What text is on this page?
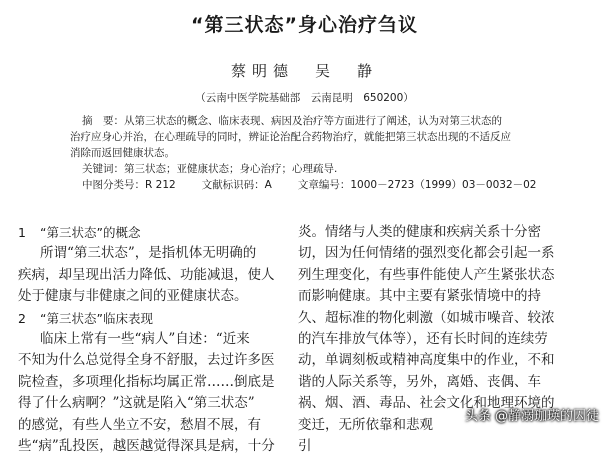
“第三状态”身心治疗刍议
蔡明德　吴　静
（云南中医学院基础部　云南昆明　650200）

摘　要：从第三状态的概念、临床表现、病因及治疗等方面进行了阐述，认为对第三状态的

治疗应身心并治，在心理疏导的同时，辨证论治配合药物治疗，就能把第三状态出现的不适反应

消除而返回健康状态。

关键词：第三状态；亚健康状态；身心治疗；心理疏导.

中图分类号：R 212 文献标识码：A 文章编号：1000－2723（1999）03－0032－02

1 “第三状态”的概念

所谓“第三状态”，是指机体无明确的

疾病，却呈现出活力降低、功能减退，使人

处于健康与非健康之间的亚健康状态。

2 “第三状态”临床表现

临床上常有一些“病人”自述：“近来

不知为什么总觉得全身不舒服，去过许多医

院检查，多项理化指标均属正常……倒底是

得了什么病啊？”这就是陷入“第三状态”

的感觉，有些人坐立不安，愁眉不展，有

些“病”乱投医，越医越觉得深具是病，十分

炎。情绪与人类的健康和疾病关系十分密

切，因为任何情绪的强烈变化都会引起一系

列生理变化，有些事件能使人产生紧张状态

而影响健康。其中主要有紧张情境中的持

久、超标准的物化刺激（如城市噪音、较浓

的汽车排放气体等），还有长时间的连续劳

动，单调刻板或精神高度集中的作业，不和

谐的人际关系等，另外，离婚、丧偶、车

祸、烟、酒、毒品、社会文化和地理环境的

变迁，无所依靠和悲观

引

头条 @静溺珈瑛的囚徒
